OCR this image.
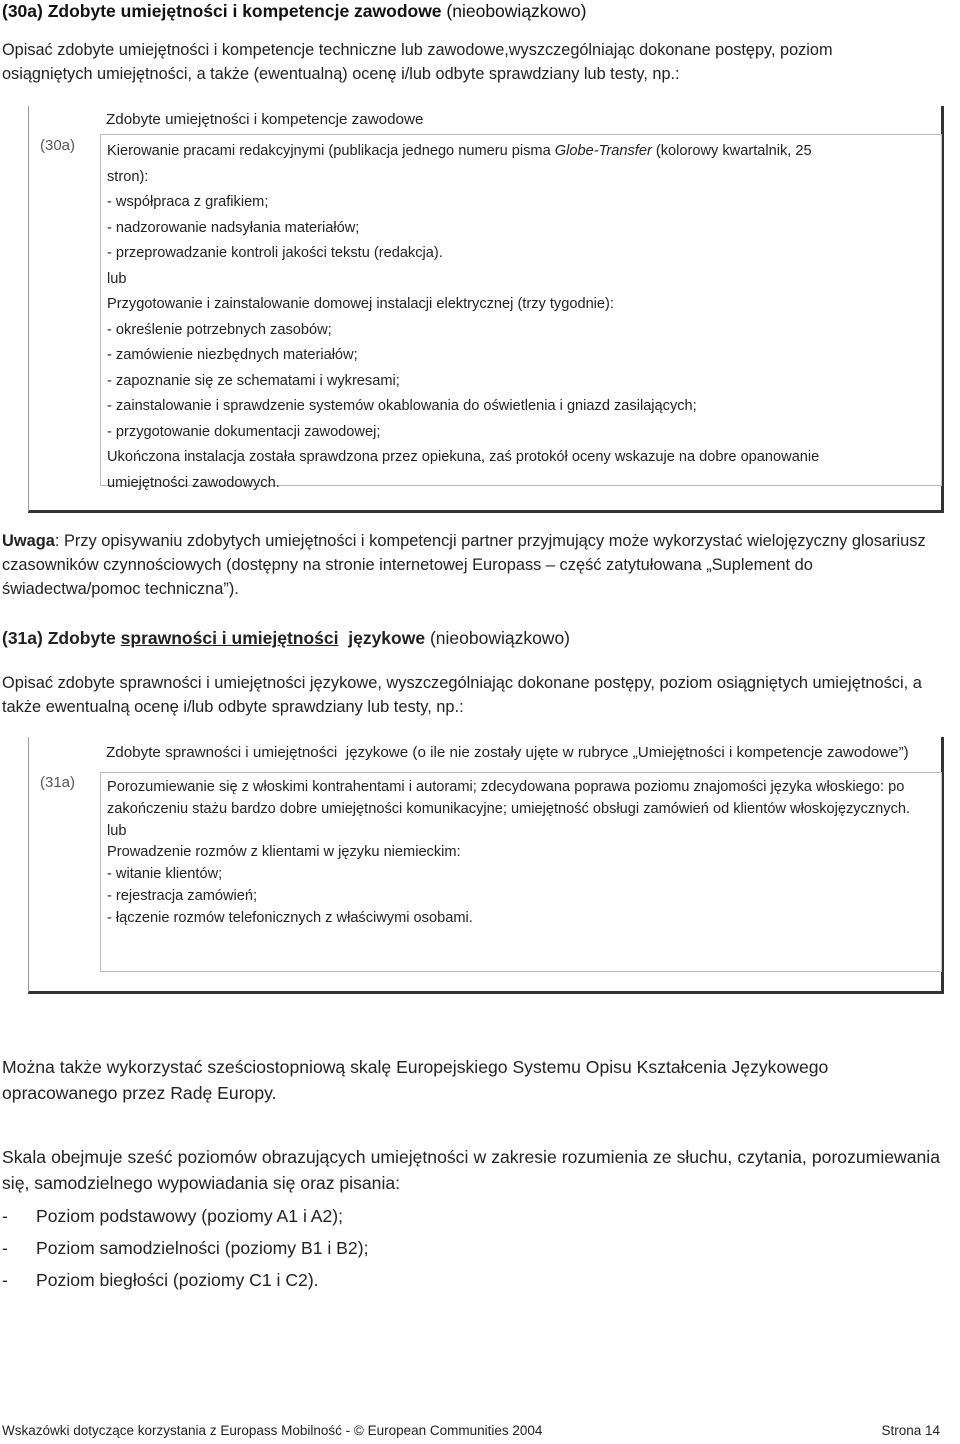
(30a) Zdobyte umiejętności i kompetencje zawodowe (nieobowiązkowo)
Opisać zdobyte umiejętności i kompetencje techniczne lub zawodowe,wyszczególniając dokonane postępy, poziom
osiągniętych umiejętności, a także (ewentualną) ocenę i/lub odbyte sprawdziany lub testy, np.:
(30a)
Zdobyte umiejętności i kompetencje zawodowe
Kierowanie pracami redakcyjnymi (publikacja jednego numeru pisma Globe-Transfer (kolorowy kwartalnik, 25
stron):
- współpraca z grafikiem;
- nadzorowanie nadsyłania materiałów;
- przeprowadzanie kontroli jakości tekstu (redakcja).
lub
Przygotowanie i zainstalowanie domowej instalacji elektrycznej (trzy tygodnie):
- określenie potrzebnych zasobów;
- zamówienie niezbędnych materiałów;
- zapoznanie się ze schematami i wykresami;
- zainstalowanie i sprawdzenie systemów okablowania do oświetlenia i gniazd zasilających;
- przygotowanie dokumentacji zawodowej;
Ukończona instalacja została sprawdzona przez opiekuna, zaś protokół oceny wskazuje na dobre opanowanie
umiejętności zawodowych.
Uwaga: Przy opisywaniu zdobytych umiejętności i kompetencji partner przyjmujący może wykorzystać wielojęzyczny glosariusz czasowników czynnościowych (dostępny na stronie internetowej Europass – część zatytułowana „Suplement do świadectwa/pomoc techniczna”).
(31a) Zdobyte sprawności i umiejętności  językowe (nieobowiązkowo)
Opisać zdobyte sprawności i umiejętności językowe, wyszczególniając dokonane postępy, poziom osiągniętych umiejętności, a także ewentualną ocenę i/lub odbyte sprawdziany lub testy, np.:
(31a)
Zdobyte sprawności i umiejętności  językowe (o ile nie zostały ujęte w rubryce „Umiejętności i kompetencje zawodowe”)
Porozumiewanie się z włoskimi kontrahentami i autorami; zdecydowana poprawa poziomu znajomości języka włoskiego: po zakończeniu stażu bardzo dobre umiejętności komunikacyjne; umiejętność obsługi zamówień od klientów włoskojęzycznych.
lub
Prowadzenie rozmów z klientami w języku niemieckim:
- witanie klientów;
- rejestracja zamówień;
- łączenie rozmów telefonicznych z właściwymi osobami.
Można także wykorzystać sześciostopniową skalę Europejskiego Systemu Opisu Kształcenia Językowego opracowanego przez Radę Europy.
Skala obejmuje sześć poziomów obrazujących umiejętności w zakresie rozumienia ze słuchu, czytania, porozumiewania się, samodzielnego wypowiadania się oraz pisania:
- Poziom podstawowy (poziomy A1 i A2);
- Poziom samodzielności (poziomy B1 i B2);
- Poziom biegłości (poziomy C1 i C2).
Wskazówki dotyczące korzystania z Europass Mobilność - © European Communities 2004	Strona 14
